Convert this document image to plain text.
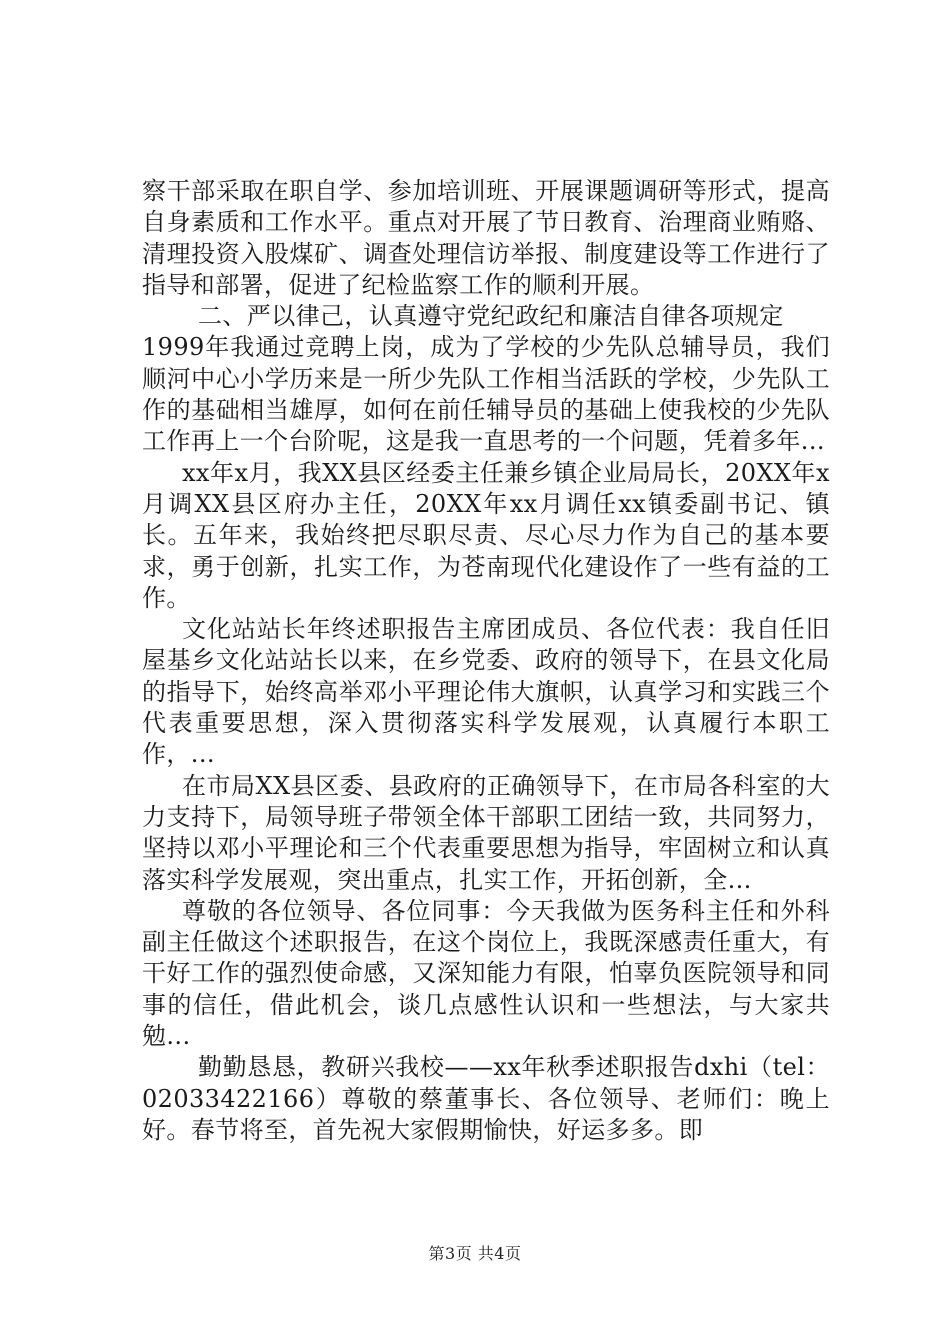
察干部采取在职自学、参加培训班、开展课题调研等形式，提高自身素质和工作水平。重点对开展了节日教育、治理商业贿赂、清理投资入股煤矿、调查处理信访举报、制度建设等工作进行了指导和部署，促进了纪检监察工作的顺利开展。

二、严以律己，认真遵守党纪政纪和廉洁自律各项规定

1999年我通过竞聘上岗，成为了学校的少先队总辅导员，我们顺河中心小学历来是一所少先队工作相当活跃的学校，少先队工作的基础相当雄厚，如何在前任辅导员的基础上使我校的少先队工作再上一个台阶呢，这是我一直思考的一个问题，凭着多年...

xx年x月，我XX县区经委主任兼乡镇企业局局长，20XX年x月调XX县区府办主任，20XX年xx月调任xx镇委副书记、镇长。五年来，我始终把尽职尽责、尽心尽力作为自己的基本要求，勇于创新，扎实工作，为苍南现代化建设作了一些有益的工作。

文化站站长年终述职报告主席团成员、各位代表：我自任旧屋基乡文化站站长以来，在乡党委、政府的领导下，在县文化局的指导下，始终高举邓小平理论伟大旗帜，认真学习和实践三个代表重要思想，深入贯彻落实科学发展观，认真履行本职工作，...

在市局XX县区委、县政府的正确领导下，在市局各科室的大力支持下，局领导班子带领全体干部职工团结一致，共同努力，坚持以邓小平理论和三个代表重要思想为指导，牢固树立和认真落实科学发展观，突出重点，扎实工作，开拓创新，全...

尊敬的各位领导、各位同事：今天我做为医务科主任和外科副主任做这个述职报告，在这个岗位上，我既深感责任重大，有干好工作的强烈使命感，又深知能力有限，怕辜负医院领导和同事的信任，借此机会，谈几点感性认识和一些想法，与大家共勉...

勤勤恳恳，教研兴我校——xx年秋季述职报告dxhi（tel：02033422166）尊敬的蔡董事长、各位领导、老师们：晚上好。春节将至，首先祝大家假期愉快，好运多多。即

第3页 共4页
